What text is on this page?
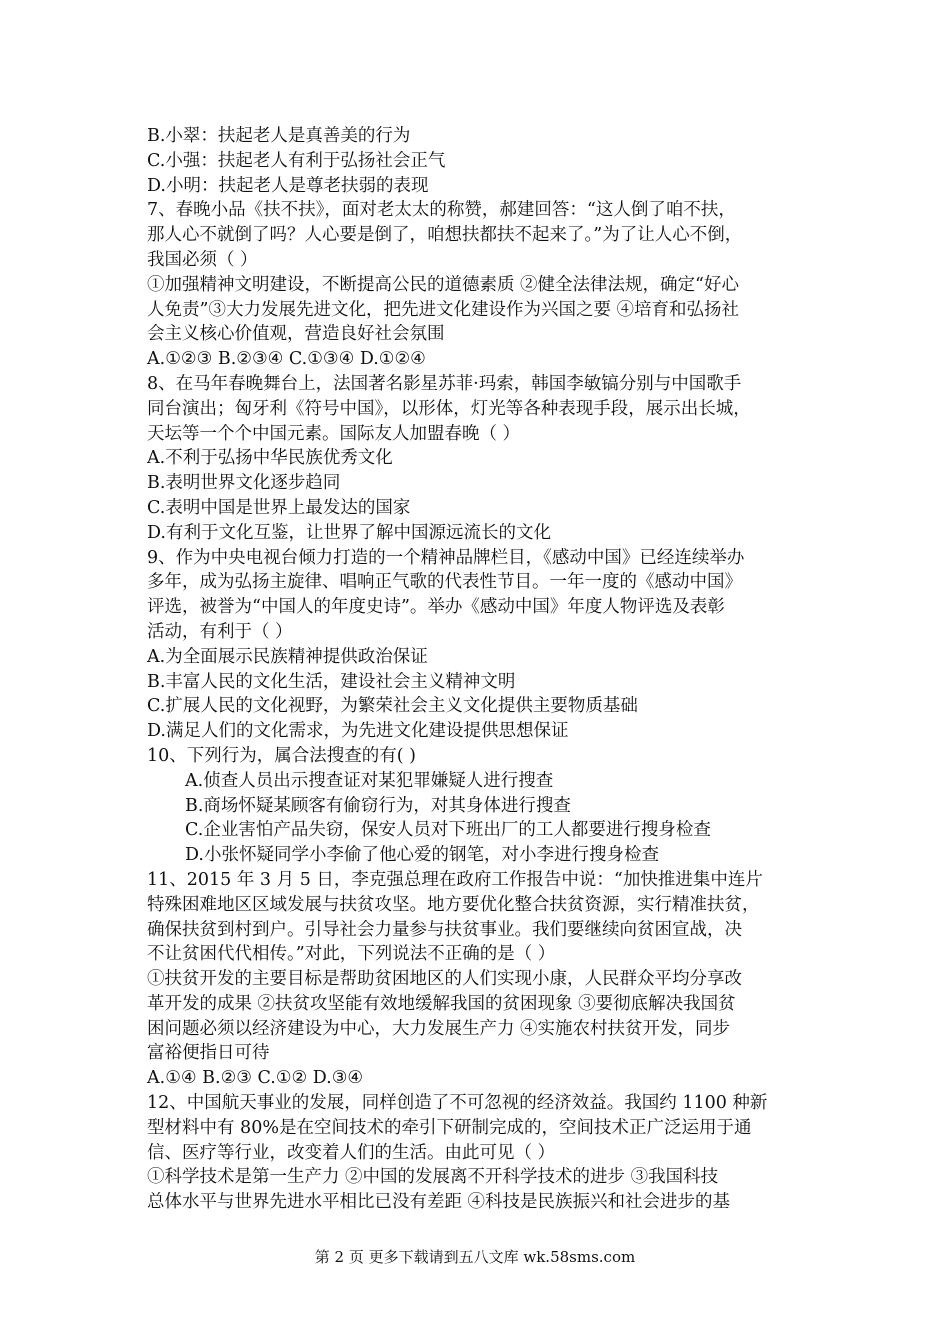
B.小翠：扶起老人是真善美的行为
C.小强：扶起老人有利于弘扬社会正气
D.小明：扶起老人是尊老扶弱的表现
7、春晚小品《扶不扶》，面对老太太的称赞，郝建回答：“这人倒了咱不扶，
那人心不就倒了吗？人心要是倒了，咱想扶都扶不起来了。”为了让人心不倒，
我国必须（ ）
①加强精神文明建设，不断提高公民的道德素质 ②健全法律法规，确定“好心
人免责”③大力发展先进文化，把先进文化建设作为兴国之要 ④培育和弘扬社
会主义核心价值观，营造良好社会氛围
A.①②③ B.②③④ C.①③④ D.①②④
8、在马年春晚舞台上，法国著名影星苏菲·玛索，韩国李敏镐分别与中国歌手
同台演出；匈牙利《符号中国》，以形体，灯光等各种表现手段，展示出长城，
天坛等一个个中国元素。国际友人加盟春晚（ ）
A.不利于弘扬中华民族优秀文化
B.表明世界文化逐步趋同
C.表明中国是世界上最发达的国家
D.有利于文化互鉴，让世界了解中国源远流长的文化
9、作为中央电视台倾力打造的一个精神品牌栏目，《感动中国》已经连续举办
多年，成为弘扬主旋律、唱响正气歌的代表性节目。一年一度的《感动中国》
评选，被誉为“中国人的年度史诗”。举办《感动中国》年度人物评选及表彰
活动，有利于（ ）
A.为全面展示民族精神提供政治保证
B.丰富人民的文化生活，建设社会主义精神文明
C.扩展人民的文化视野，为繁荣社会主义文化提供主要物质基础
D.满足人们的文化需求，为先进文化建设提供思想保证
10、下列行为，属合法搜查的有( )
A.侦查人员出示搜查证对某犯罪嫌疑人进行搜查
B.商场怀疑某顾客有偷窃行为，对其身体进行搜查
C.企业害怕产品失窃，保安人员对下班出厂的工人都要进行搜身检查
D.小张怀疑同学小李偷了他心爱的钢笔，对小李进行搜身检查
11、2015 年 3 月 5 日，李克强总理在政府工作报告中说：“加快推进集中连片
特殊困难地区区域发展与扶贫攻坚。地方要优化整合扶贫资源，实行精准扶贫，
确保扶贫到村到户。引导社会力量参与扶贫事业。我们要继续向贫困宣战，决
不让贫困代代相传。”对此，下列说法不正确的是（ ）
①扶贫开发的主要目标是帮助贫困地区的人们实现小康，人民群众平均分享改
革开发的成果 ②扶贫攻坚能有效地缓解我国的贫困现象 ③要彻底解决我国贫
困问题必须以经济建设为中心，大力发展生产力 ④实施农村扶贫开发，同步
富裕便指日可待
A.①④ B.②③ C.①② D.③④
12、中国航天事业的发展，同样创造了不可忽视的经济效益。我国约 1100 种新
型材料中有 80%是在空间技术的牵引下研制完成的，空间技术正广泛运用于通
信、医疗等行业，改变着人们的生活。由此可见（ ）
①科学技术是第一生产力 ②中国的发展离不开科学技术的进步 ③我国科技
总体水平与世界先进水平相比已没有差距 ④科技是民族振兴和社会进步的基
第 2 页 更多下载请到五八文库 wk.58sms.com
